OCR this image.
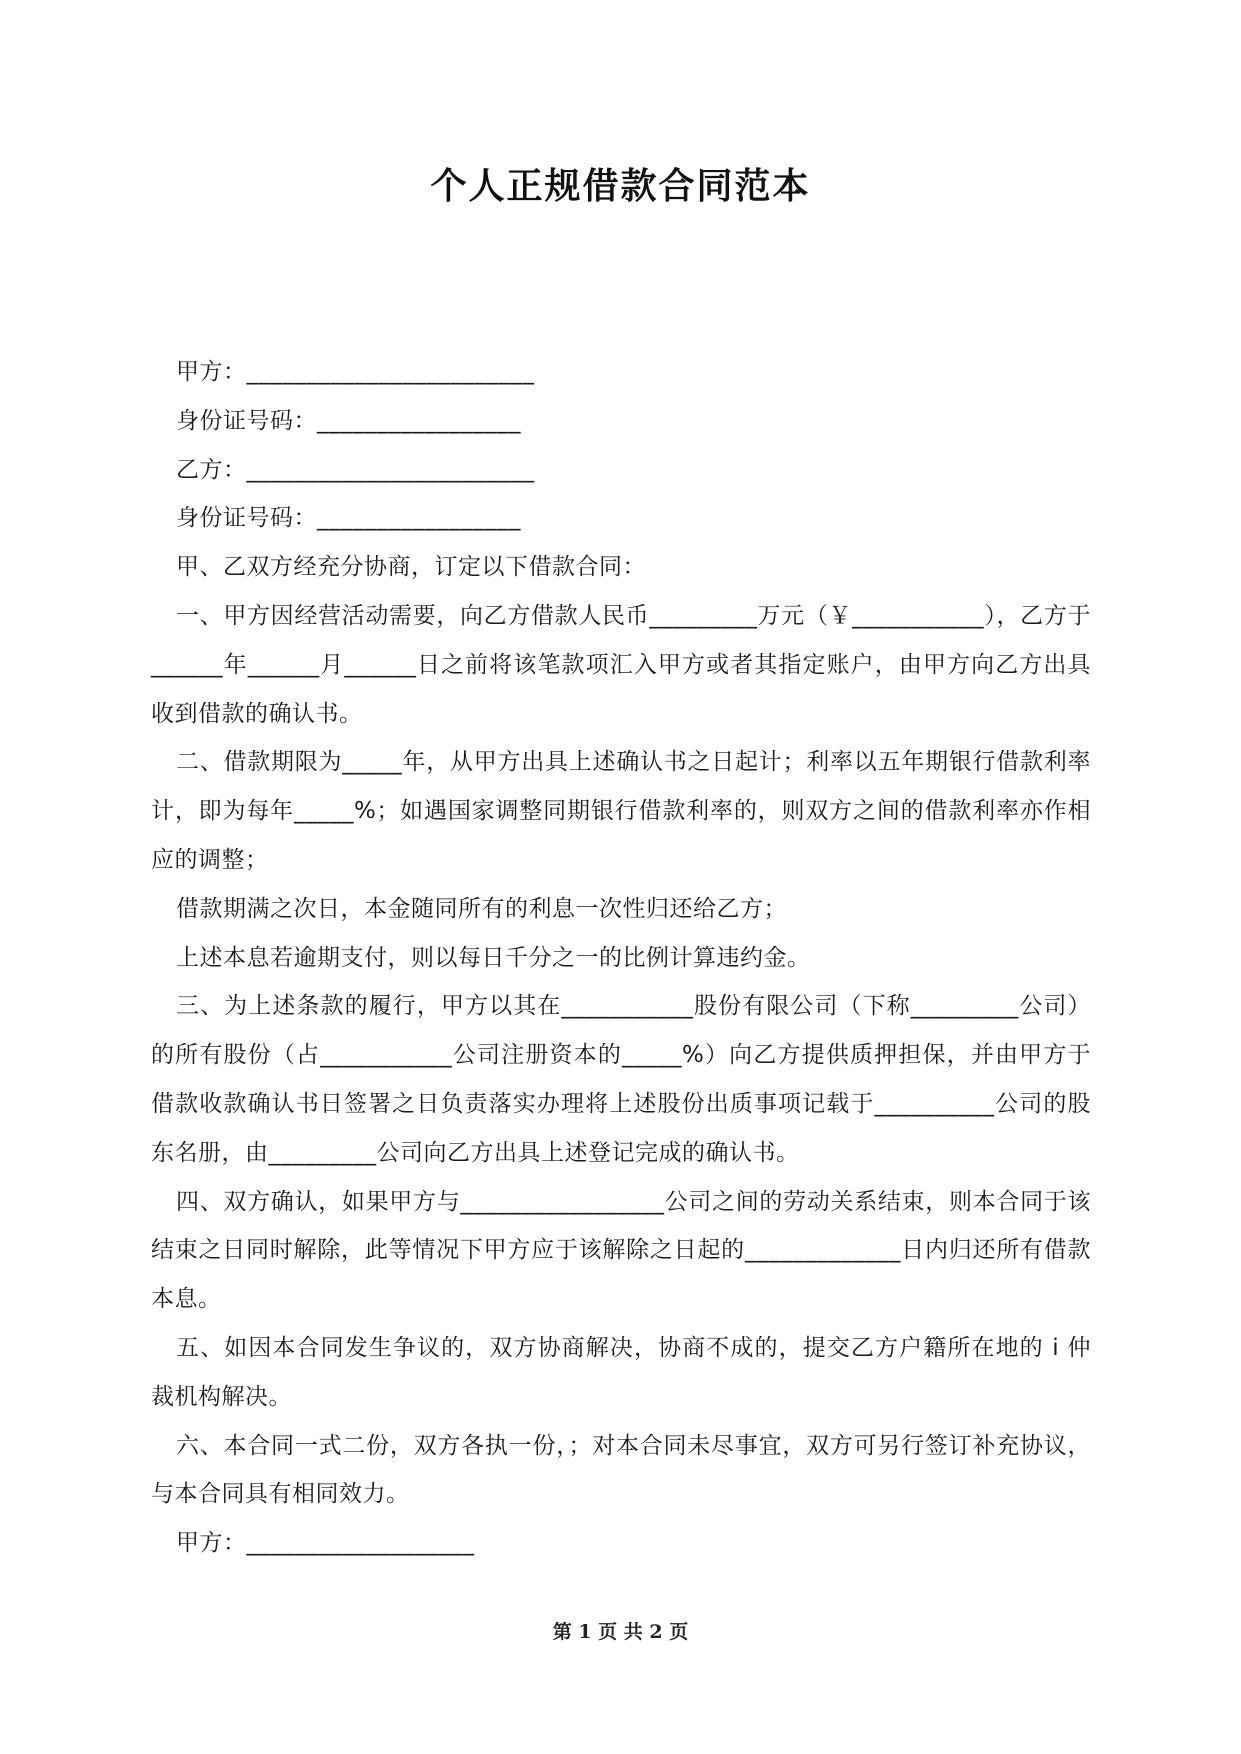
个人正规借款合同范本

甲方：________________________

身份证号码：_________________

乙方：________________________

身份证号码：_________________

甲、乙双方经充分协商，订定以下借款合同：

一、甲方因经营活动需要，向乙方借款人民币_________万元（￥___________），乙方于______年______月______日之前将该笔款项汇入甲方或者其指定账户，由甲方向乙方出具收到借款的确认书。

二、借款期限为_____年，从甲方出具上述确认书之日起计；利率以五年期银行借款利率计，即为每年_____%；如遇国家调整同期银行借款利率的，则双方之间的借款利率亦作相应的调整；

借款期满之次日，本金随同所有的利息一次性归还给乙方；

上述本息若逾期支付，则以每日千分之一的比例计算违约金。

三、为上述条款的履行，甲方以其在___________股份有限公司（下称_________公司）的所有股份（占___________公司注册资本的_____%）向乙方提供质押担保，并由甲方于借款收款确认书日签署之日负责落实办理将上述股份出质事项记载于__________公司的股东名册，由_________公司向乙方出具上述登记完成的确认书。

四、双方确认，如果甲方与_________________公司之间的劳动关系结束，则本合同于该结束之日同时解除，此等情况下甲方应于该解除之日起的_____________日内归还所有借款本息。

五、如因本合同发生争议的，双方协商解决，协商不成的，提交乙方户籍所在地的 i 仲裁机构解决。

六、本合同一式二份，双方各执一份，；对本合同未尽事宜，双方可另行签订补充协议，与本合同具有相同效力。

甲方：___________________

第 1 页 共 2 页
